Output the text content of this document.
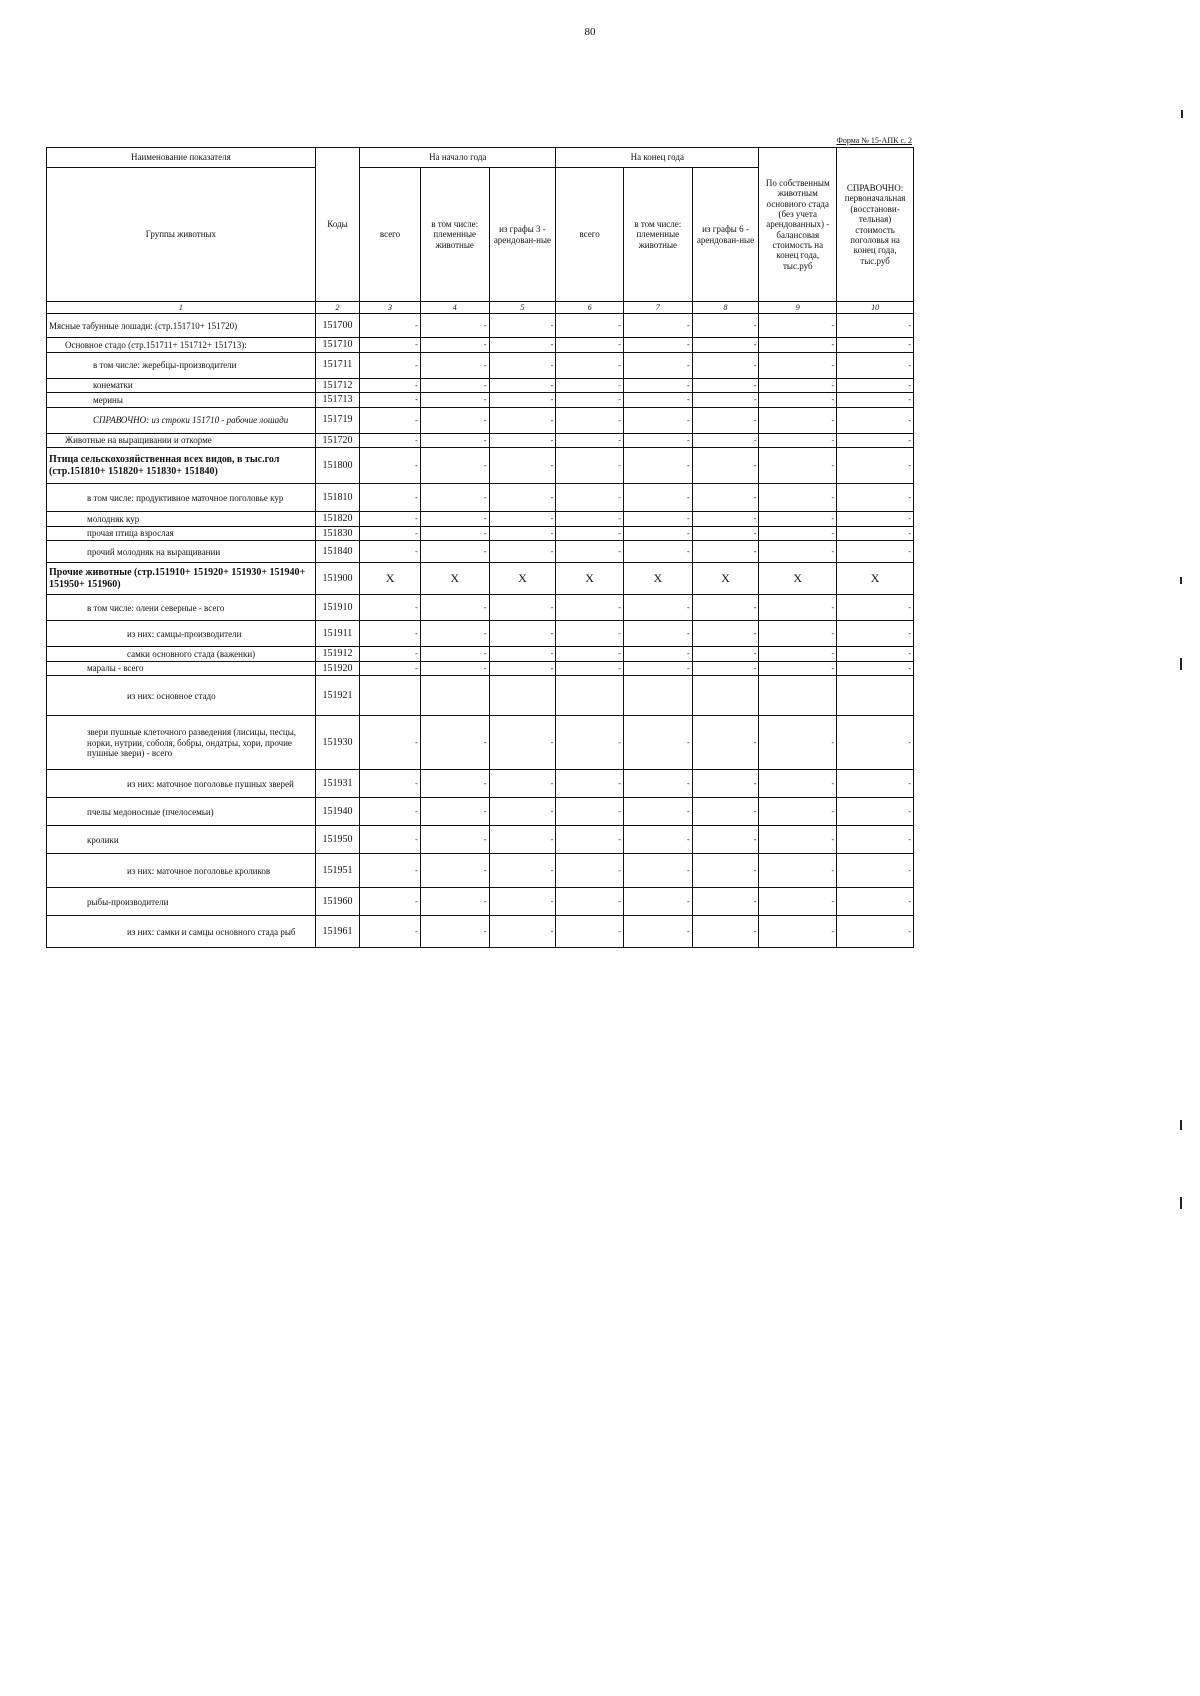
80
Форма № 15-АПК с. 2
Наименование показателя	Коды	На начало года			На конец года			По собственным животным основного стада (без учета арендованных) - балансовая стоимость на конец года, тыс.руб	СПРАВОЧНО: первоначальная (восстанови-тельная) стоимость поголовья на конец года, тыс.руб
Группы животных		всего	в том числе: племенные животные	из графы 3 - арендован-ные	всего	в том числе: племенные животные	из графы 6 - арендован-ные		
1	2	3	4	5	6	7	8	9	10
Мясные табунные лошади: (стр.151710+ 151720)	151700	-	-	-	-	-	-	-	-
Основное стадо (стр.151711+ 151712+ 151713):	151710	-	-	-	-	-	-	-	-
в том числе: жеребцы-производители	151711	-	-	-	-	-	-	-	-
конематки	151712	-	-	-	-	-	-	-	-
мерины	151713	-	-	-	-	-	-	-	-
СПРАВОЧНО: из строки 151710 - рабочие лошади	151719	-	-	-	-	-	-	-	-
Животные на выращивании и откорме	151720	-	-	-	-	-	-	-	-
Птица сельскохозяйственная всех видов, в тыс.гол (стр.151810+ 151820+ 151830+ 151840)	151800	-	-	-	-	-	-	-	-
в том числе: продуктивное маточное поголовье кур	151810	-	-	-	-	-	-	-	-
молодняк кур	151820	-	-	-	-	-	-	-	-
прочая птица взрослая	151830	-	-	-	-	-	-	-	-
прочий молодняк на выращивании	151840	-	-	-	-	-	-	-	-
Прочие животные (стр.151910+ 151920+ 151930+ 151940+ 151950+ 151960)	151900	X	X	X	X	X	X	X	X
в том числе: олени северные - всего	151910	-	-	-	-	-	-	-	-
из них: самцы-производители	151911	-	-	-	-	-	-	-	-
самки основного стада (важенки)	151912	-	-	-	-	-	-	-	-
маралы - всего	151920	-	-	-	-	-	-	-	-
из них: основное стадо	151921								
звери пушные клеточного разведения (лисицы, песцы, норки, нутрии, соболя, бобры, ондатры, хори, прочие пушные звери) - всего	151930	-	-	-	-	-	-	-	-
из них: маточное поголовье пушных зверей	151931	-	-	-	-	-	-	-	-
пчелы медоносные (пчелосемьи)	151940	-	-	-	-	-	-	-	-
кролики	151950	-	-	-	-	-	-	-	-
из них: маточное поголовье кроликов	151951	-	-	-	-	-	-	-	-
рыбы-производители	151960	-	-	-	-	-	-	-	-
из них: самки и самцы основного стада рыб	151961	-	-	-	-	-	-	-	-
